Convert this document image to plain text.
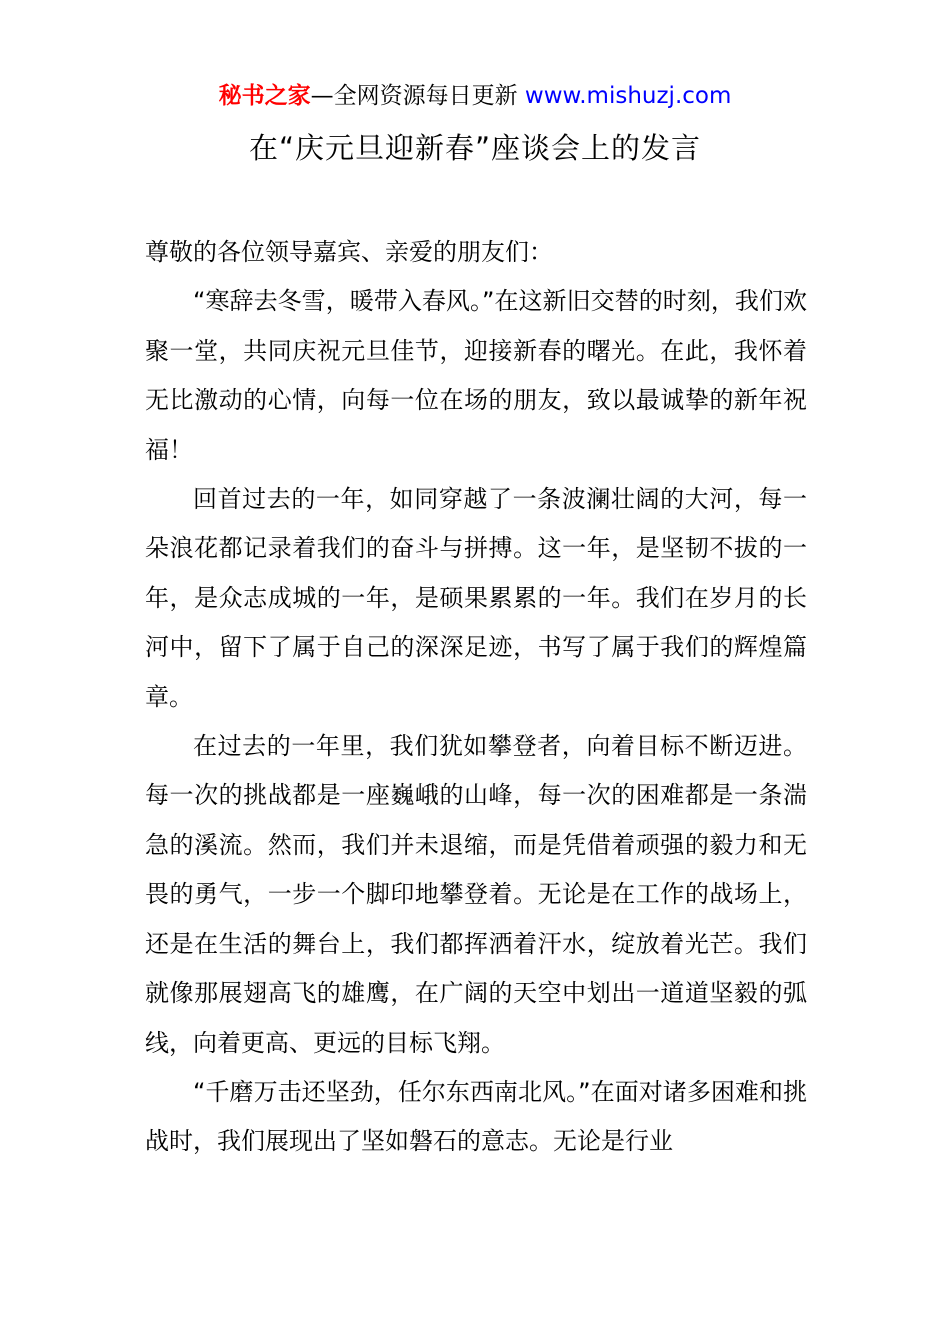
秘书之家—全网资源每日更新 www.mishuzj.com
在“庆元旦迎新春”座谈会上的发言

尊敬的各位领导嘉宾、亲爱的朋友们：

“寒辞去冬雪，暖带入春风。”在这新旧交替的时刻，我们欢聚一堂，共同庆祝元旦佳节，迎接新春的曙光。在此，我怀着无比激动的心情，向每一位在场的朋友，致以最诚挚的新年祝福！

回首过去的一年，如同穿越了一条波澜壮阔的大河，每一朵浪花都记录着我们的奋斗与拼搏。这一年，是坚韧不拔的一年，是众志成城的一年，是硕果累累的一年。我们在岁月的长河中，留下了属于自己的深深足迹，书写了属于我们的辉煌篇章。

在过去的一年里，我们犹如攀登者，向着目标不断迈进。每一次的挑战都是一座巍峨的山峰，每一次的困难都是一条湍急的溪流。然而，我们并未退缩，而是凭借着顽强的毅力和无畏的勇气，一步一个脚印地攀登着。无论是在工作的战场上，还是在生活的舞台上，我们都挥洒着汗水，绽放着光芒。我们就像那展翅高飞的雄鹰，在广阔的天空中划出一道道坚毅的弧线，向着更高、更远的目标飞翔。

“千磨万击还坚劲，任尔东西南北风。”在面对诸多困难和挑战时，我们展现出了坚如磐石的意志。无论是行业
